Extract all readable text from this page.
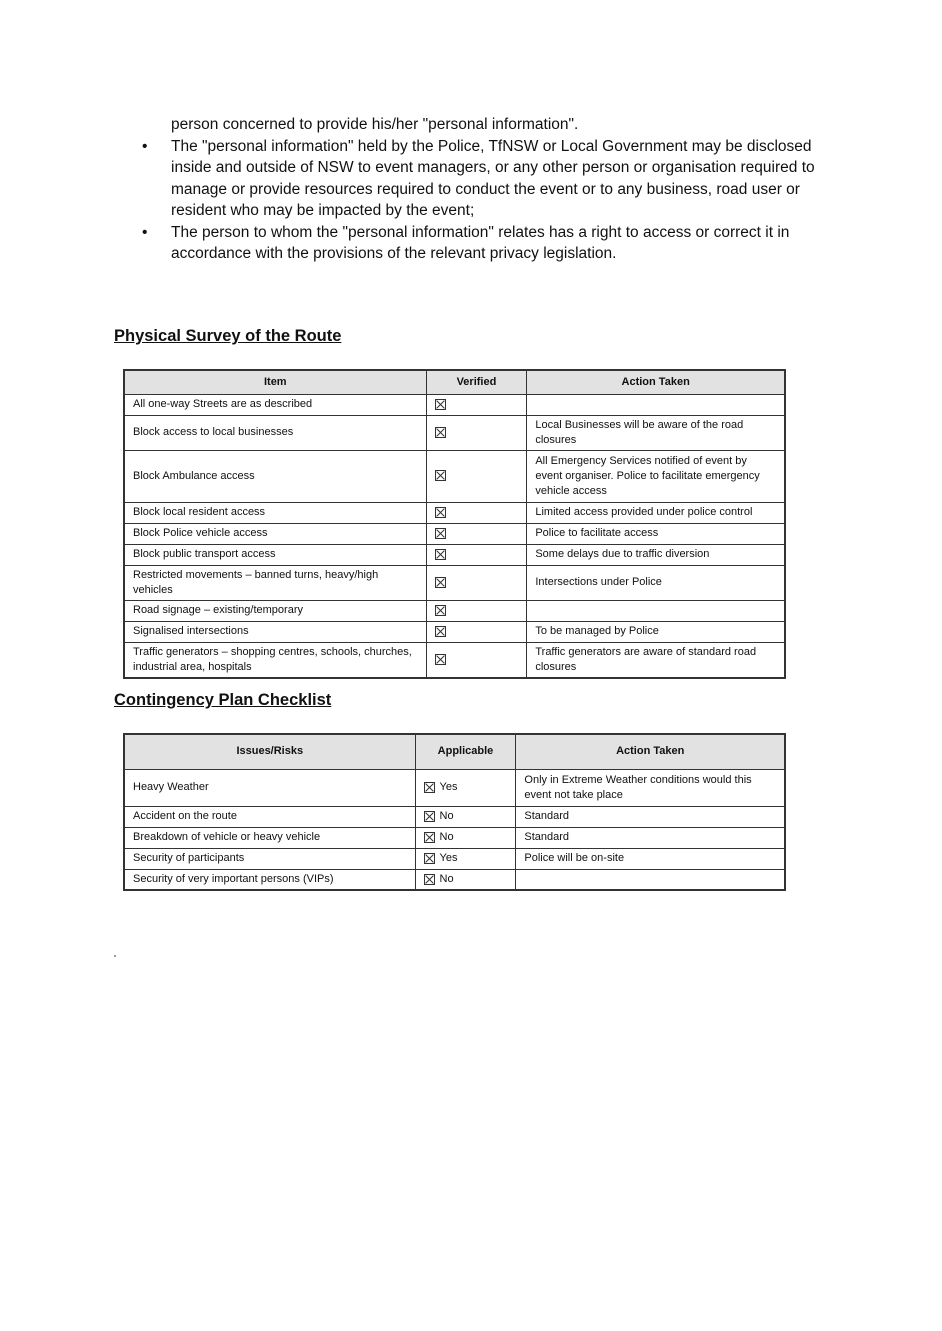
person concerned to provide his/her "personal information".

• The "personal information" held by the Police, TfNSW or Local Government may be disclosed inside and outside of NSW to event managers, or any other person or organisation required to manage or provide resources required to conduct the event or to any business, road user or resident who may be impacted by the event;
• The person to whom the "personal information" relates has a right to access or correct it in accordance with the provisions of the relevant privacy legislation.
Physical Survey of the Route
Item	Verified	Action Taken
All one-way Streets are as described		
Block access to local businesses		Local Businesses will be aware of the road closures
Block Ambulance access		All Emergency Services notified of event by event organiser. Police to facilitate emergency vehicle access
Block local resident access		Limited access provided under police control
Block Police vehicle access		Police to facilitate access
Block public transport access		Some delays due to traffic diversion
Restricted movements – banned turns, heavy/high vehicles		Intersections under Police
Road signage – existing/temporary		
Signalised intersections		To be managed by Police
Traffic generators – shopping centres, schools, churches, industrial area, hospitals		Traffic generators are aware of standard road closures
Contingency Plan Checklist
Issues/Risks	Applicable	Action Taken
Heavy Weather	Yes	Only in Extreme Weather conditions would this event not take place
Accident on the route	No	Standard
Breakdown of vehicle or heavy vehicle	No	Standard
Security of participants	Yes	Police will be on-site
Security of very important persons (VIPs)	No	
